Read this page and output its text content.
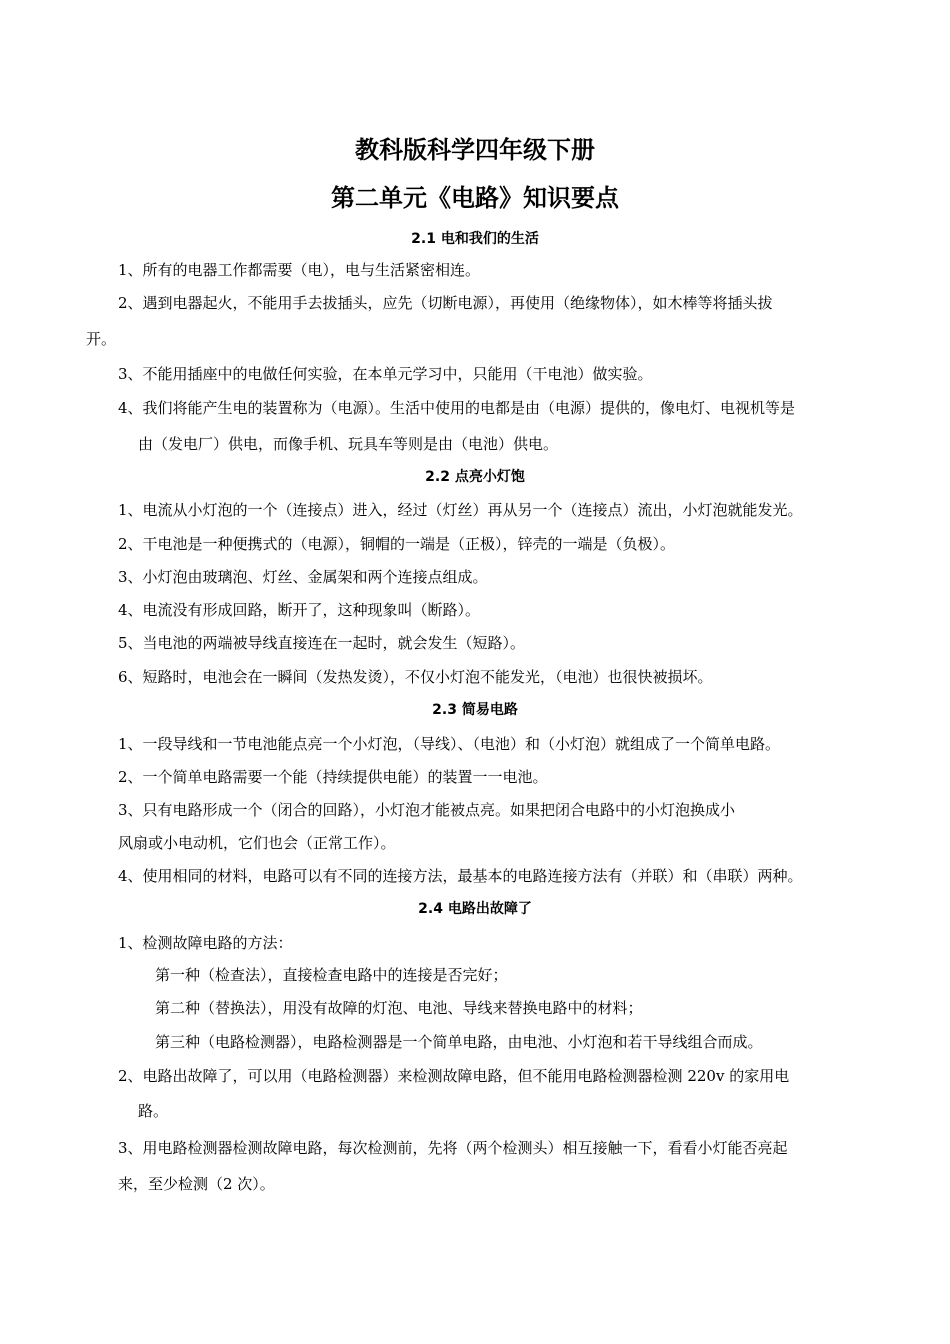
教科版科学四年级下册
第二单元《电路》知识要点
2.1 电和我们的生活
1、所有的电器工作都需要（电），电与生活紧密相连。
2、遇到电器起火，不能用手去拔插头，应先（切断电源），再使用（绝缘物体），如木棒等将插头拔
开。
3、不能用插座中的电做任何实验，在本单元学习中，只能用（干电池）做实验。
4、我们将能产生电的装置称为（电源）。生活中使用的电都是由（电源）提供的，像电灯、电视机等是
由（发电厂）供电，而像手机、玩具车等则是由（电池）供电。
2.2 点亮小灯饱
1、电流从小灯泡的一个（连接点）进入，经过（灯丝）再从另一个（连接点）流出，小灯泡就能发光。
2、干电池是一种便携式的（电源），铜帽的一端是（正极），锌壳的一端是（负极）。
3、小灯泡由玻璃泡、灯丝、金属架和两个连接点组成。
4、电流没有形成回路，断开了，这种现象叫（断路）。
5、当电池的两端被导线直接连在一起时，就会发生（短路）。
6、短路时，电池会在一瞬间（发热发烫），不仅小灯泡不能发光，（电池）也很快被损坏。
2.3 简易电路
1、一段导线和一节电池能点亮一个小灯泡，（导线）、（电池）和（小灯泡）就组成了一个简单电路。
2、一个简单电路需要一个能（持续提供电能）的装置一一电池。
3、只有电路形成一个（闭合的回路），小灯泡才能被点亮。如果把闭合电路中的小灯泡换成小
风扇或小电动机，它们也会（正常工作）。
4、使用相同的材料，电路可以有不同的连接方法，最基本的电路连接方法有（并联）和（串联）两种。
2.4 电路出故障了
1、检测故障电路的方法：
第一种（检查法），直接检查电路中的连接是否完好；
第二种（替换法），用没有故障的灯泡、电池、导线来替换电路中的材料；
第三种（电路检测器），电路检测器是一个简单电路，由电池、小灯泡和若干导线组合而成。
2、电路出故障了，可以用（电路检测器）来检测故障电路，但不能用电路检测器检测 220v 的家用电
路。
3、用电路检测器检测故障电路，每次检测前，先将（两个检测头）相互接触一下，看看小灯能否亮起
来，至少检测（2 次）。
